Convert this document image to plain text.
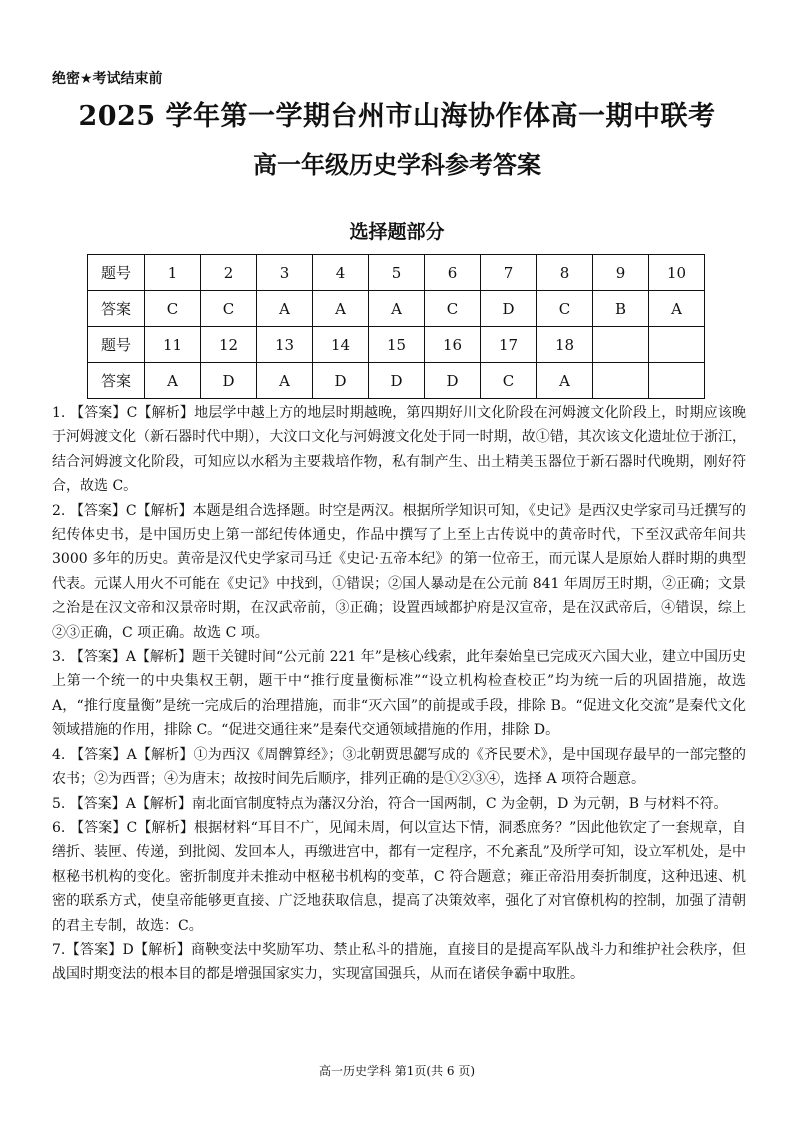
绝密★考试结束前
2025 学年第一学期台州市山海协作体高一期中联考
高一年级历史学科参考答案
选择题部分
题号	1	2	3	4	5	6	7	8	9	10
答案	C	C	A	A	A	C	D	C	B	A
题号	11	12	13	14	15	16	17	18		
答案	A	D	A	D	D	D	C	A		

1. 【答案】C【解析】地层学中越上方的地层时期越晚，第四期好川文化阶段在河姆渡文化阶段上，时期应该晚于河姆渡文化（新石器时代中期），大汶口文化与河姆渡文化处于同一时期，故①错，其次该文化遗址位于浙江，结合河姆渡文化阶段，可知应以水稻为主要栽培作物，私有制产生、出土精美玉器位于新石器时代晚期，刚好符合，故选 C。

2. 【答案】C【解析】本题是组合选择题。时空是两汉。根据所学知识可知，《史记》是西汉史学家司马迁撰写的纪传体史书，是中国历史上第一部纪传体通史，作品中撰写了上至上古传说中的黄帝时代，下至汉武帝年间共3000 多年的历史。黄帝是汉代史学家司马迁《史记·五帝本纪》的第一位帝王，而元谋人是原始人群时期的典型代表。元谋人用火不可能在《史记》中找到，①错误；②国人暴动是在公元前 841 年周厉王时期，②正确；文景之治是在汉文帝和汉景帝时期，在汉武帝前，③正确；设置西域都护府是汉宣帝，是在汉武帝后，④错误，综上②③正确，C 项正确。故选 C 项。

3. 【答案】A【解析】题干关键时间“公元前 221 年”是核心线索，此年秦始皇已完成灭六国大业，建立中国历史上第一个统一的中央集权王朝，题干中“推行度量衡标准”“设立机构检查校正”均为统一后的巩固措施，故选 A，“推行度量衡”是统一完成后的治理措施，而非“灭六国”的前提或手段，排除 B。“促进文化交流”是秦代文化领域措施的作用，排除 C。“促进交通往来”是秦代交通领域措施的作用，排除 D。

4. 【答案】A【解析】①为西汉《周髀算经》；③北朝贾思勰写成的《齐民要术》，是中国现存最早的一部完整的农书；②为西晋；④为唐末；故按时间先后顺序，排列正确的是①②③④，选择 A 项符合题意。

5. 【答案】A【解析】南北面官制度特点为藩汉分治，符合一国两制，C 为金朝，D 为元朝，B 与材料不符。

6. 【答案】C【解析】根据材料“耳目不广，见闻未周，何以宣达下情，洞悉庶务？”因此他钦定了一套规章，自缮折、装匣、传递，到批阅、发回本人，再缴进宫中，都有一定程序，不允紊乱”及所学可知，设立军机处，是中枢秘书机构的变化。密折制度并未推动中枢秘书机构的变革，C 符合题意；雍正帝沿用奏折制度，这种迅速、机密的联系方式，使皇帝能够更直接、广泛地获取信息，提高了决策效率，强化了对官僚机构的控制，加强了清朝的君主专制，故选：C。

7.【答案】D【解析】商鞅变法中奖励军功、禁止私斗的措施，直接目的是提高军队战斗力和维护社会秩序，但战国时期变法的根本目的都是增强国家实力，实现富国强兵，从而在诸侯争霸中取胜。

高一历史学科 第1页(共 6 页)
